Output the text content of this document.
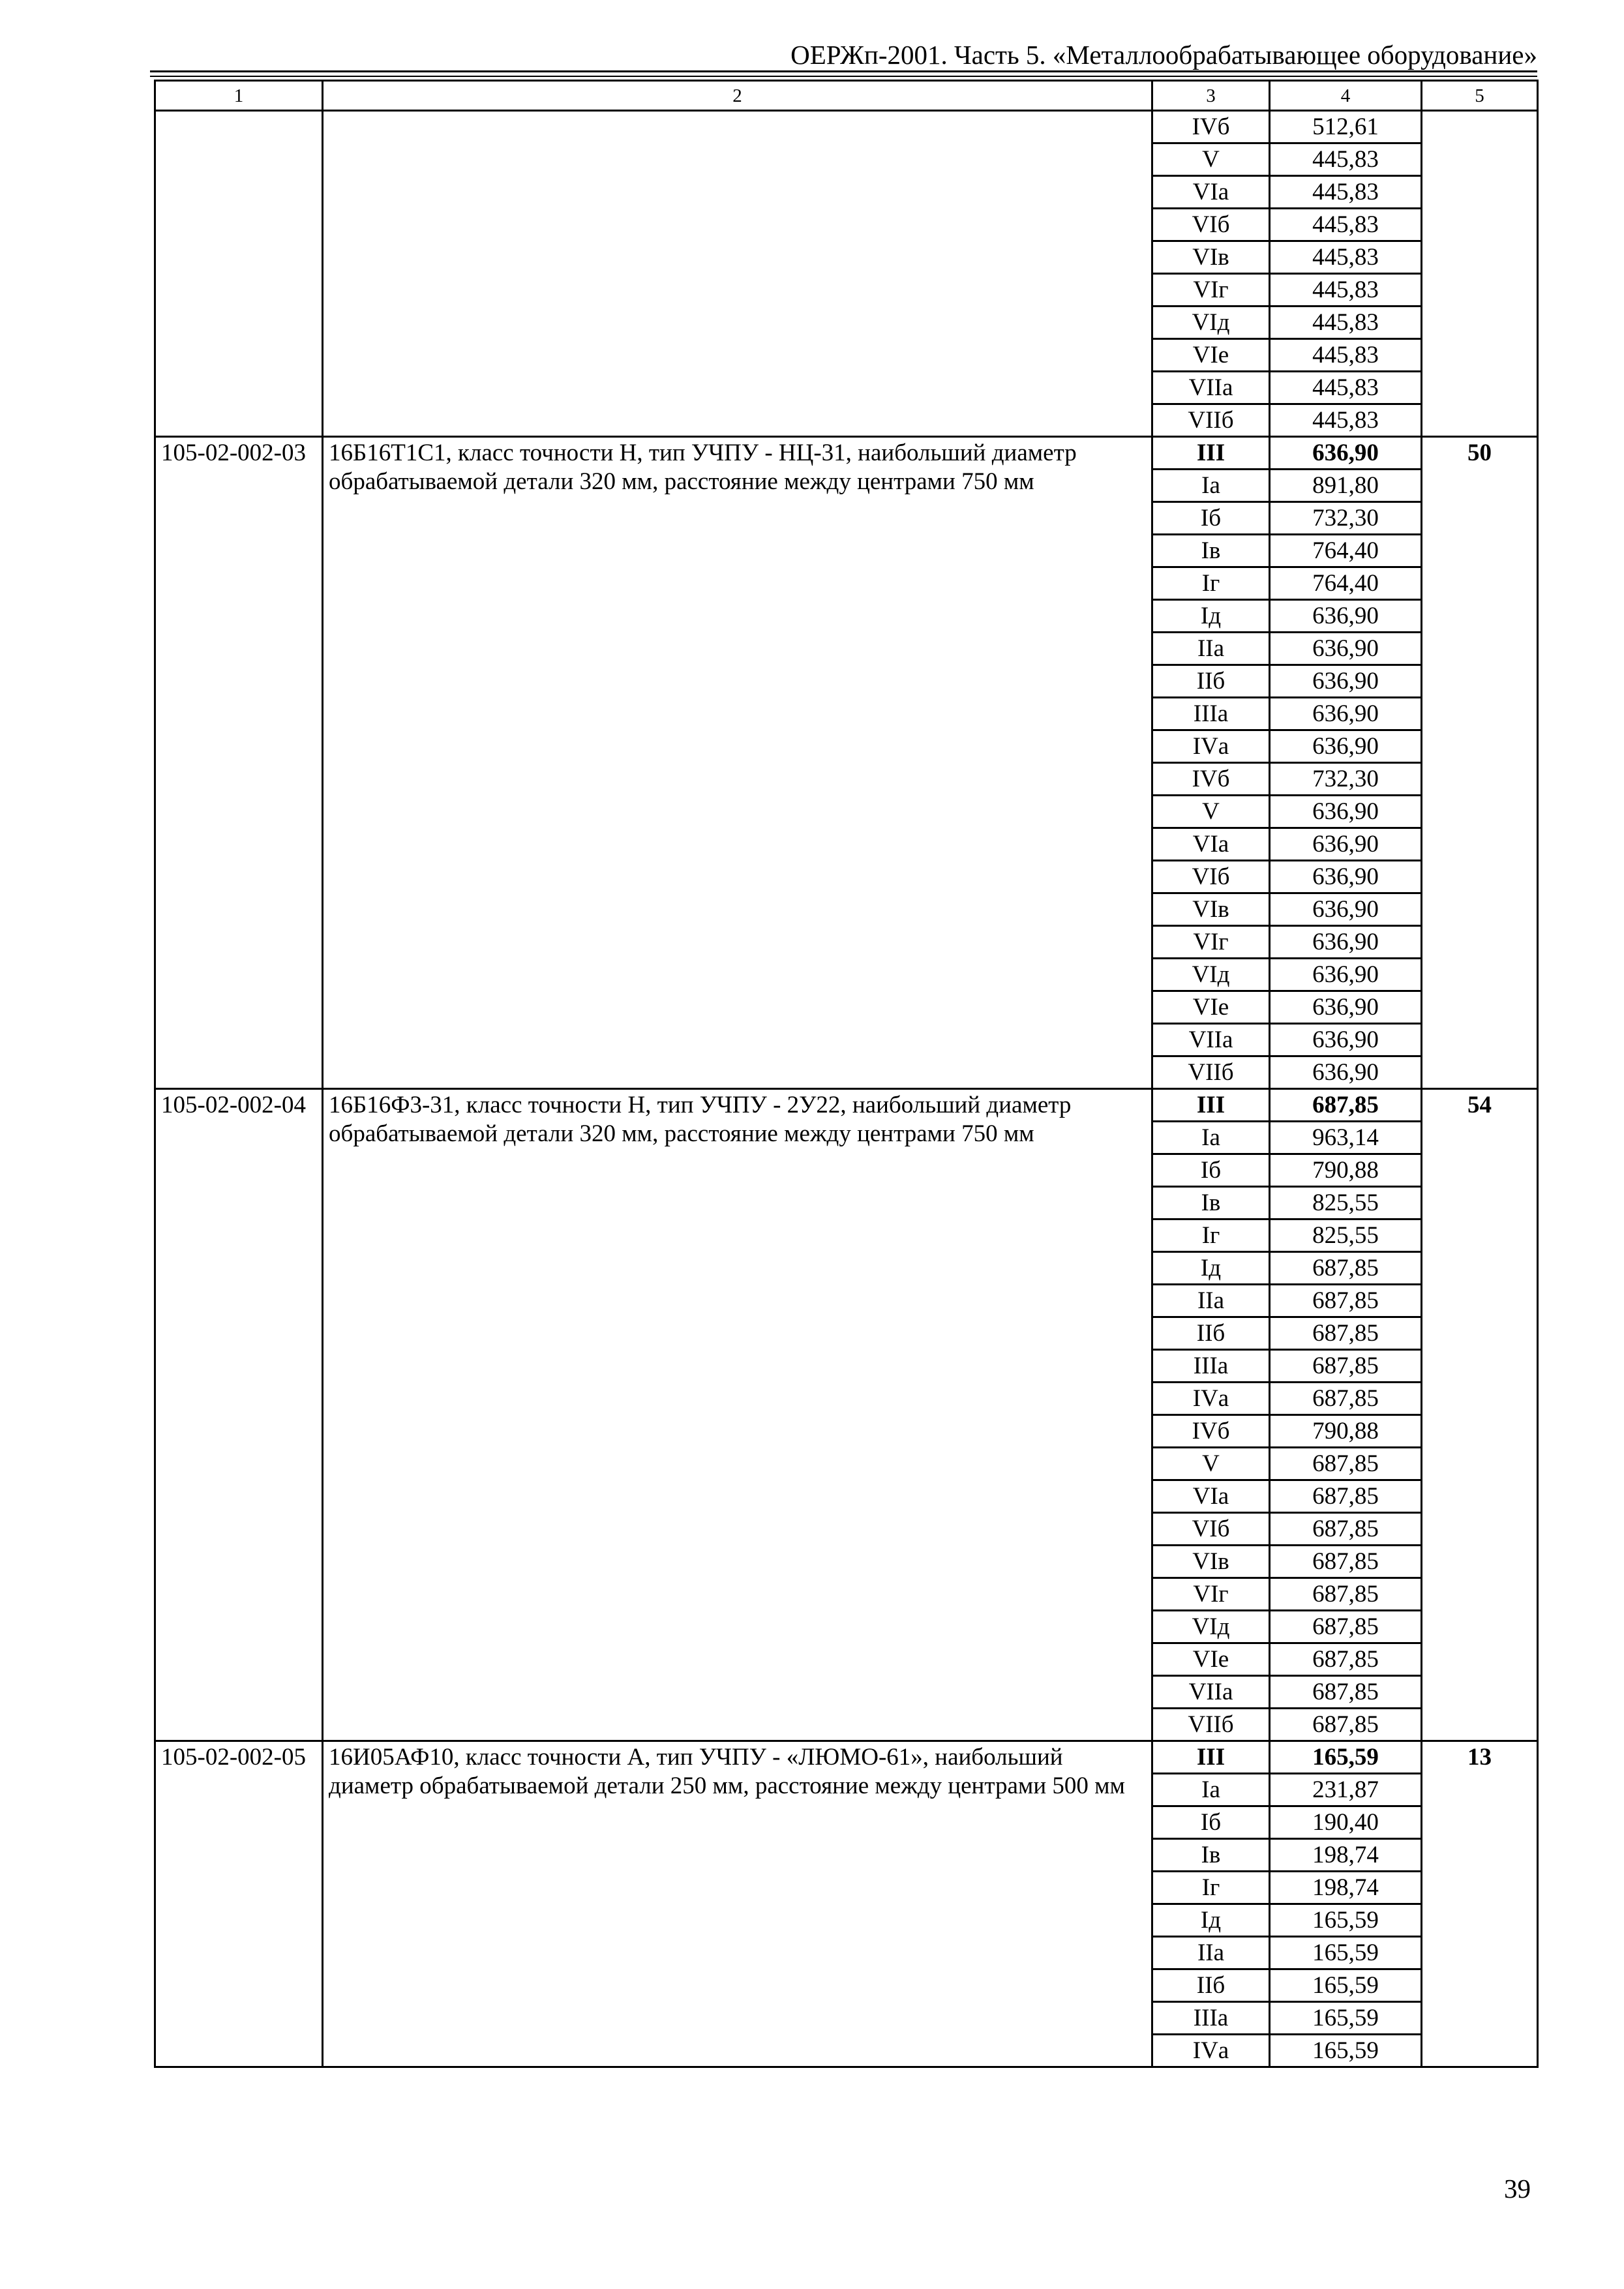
ОЕРЖп-2001. Часть 5. «Металлообрабатывающее оборудование»
1	2	3	4	5
		IVб	512,61	
		V	445,83	
		VIа	445,83	
		VIб	445,83	
		VIв	445,83	
		VIг	445,83	
		VIд	445,83	
		VIе	445,83	
		VIIа	445,83	
		VIIб	445,83	
105-02-002-03	16Б16Т1С1, класс точности Н, тип УЧПУ - НЦ-31, наибольший диаметр обрабатываемой детали 320 мм, расстояние между центрами 750 мм	III	636,90	50
		Iа	891,80	
		Iб	732,30	
		Iв	764,40	
		Iг	764,40	
		Iд	636,90	
		IIа	636,90	
		IIб	636,90	
		IIIа	636,90	
		IVа	636,90	
		IVб	732,30	
		V	636,90	
		VIа	636,90	
		VIб	636,90	
		VIв	636,90	
		VIг	636,90	
		VIд	636,90	
		VIе	636,90	
		VIIа	636,90	
		VIIб	636,90	
105-02-002-04	16Б16Ф3-31, класс точности Н, тип УЧПУ - 2У22, наибольший диаметр обрабатываемой детали 320 мм, расстояние между центрами 750 мм	III	687,85	54
		Iа	963,14	
		Iб	790,88	
		Iв	825,55	
		Iг	825,55	
		Iд	687,85	
		IIа	687,85	
		IIб	687,85	
		IIIа	687,85	
		IVа	687,85	
		IVб	790,88	
		V	687,85	
		VIа	687,85	
		VIб	687,85	
		VIв	687,85	
		VIг	687,85	
		VIд	687,85	
		VIе	687,85	
		VIIа	687,85	
		VIIб	687,85	
105-02-002-05	16И05АФ10, класс точности А, тип УЧПУ - «ЛЮМО-61», наибольший диаметр обрабатываемой детали 250 мм, расстояние между центрами 500 мм	III	165,59	13
		Iа	231,87	
		Iб	190,40	
		Iв	198,74	
		Iг	198,74	
		Iд	165,59	
		IIа	165,59	
		IIб	165,59	
		IIIа	165,59	
		IVа	165,59	
39
